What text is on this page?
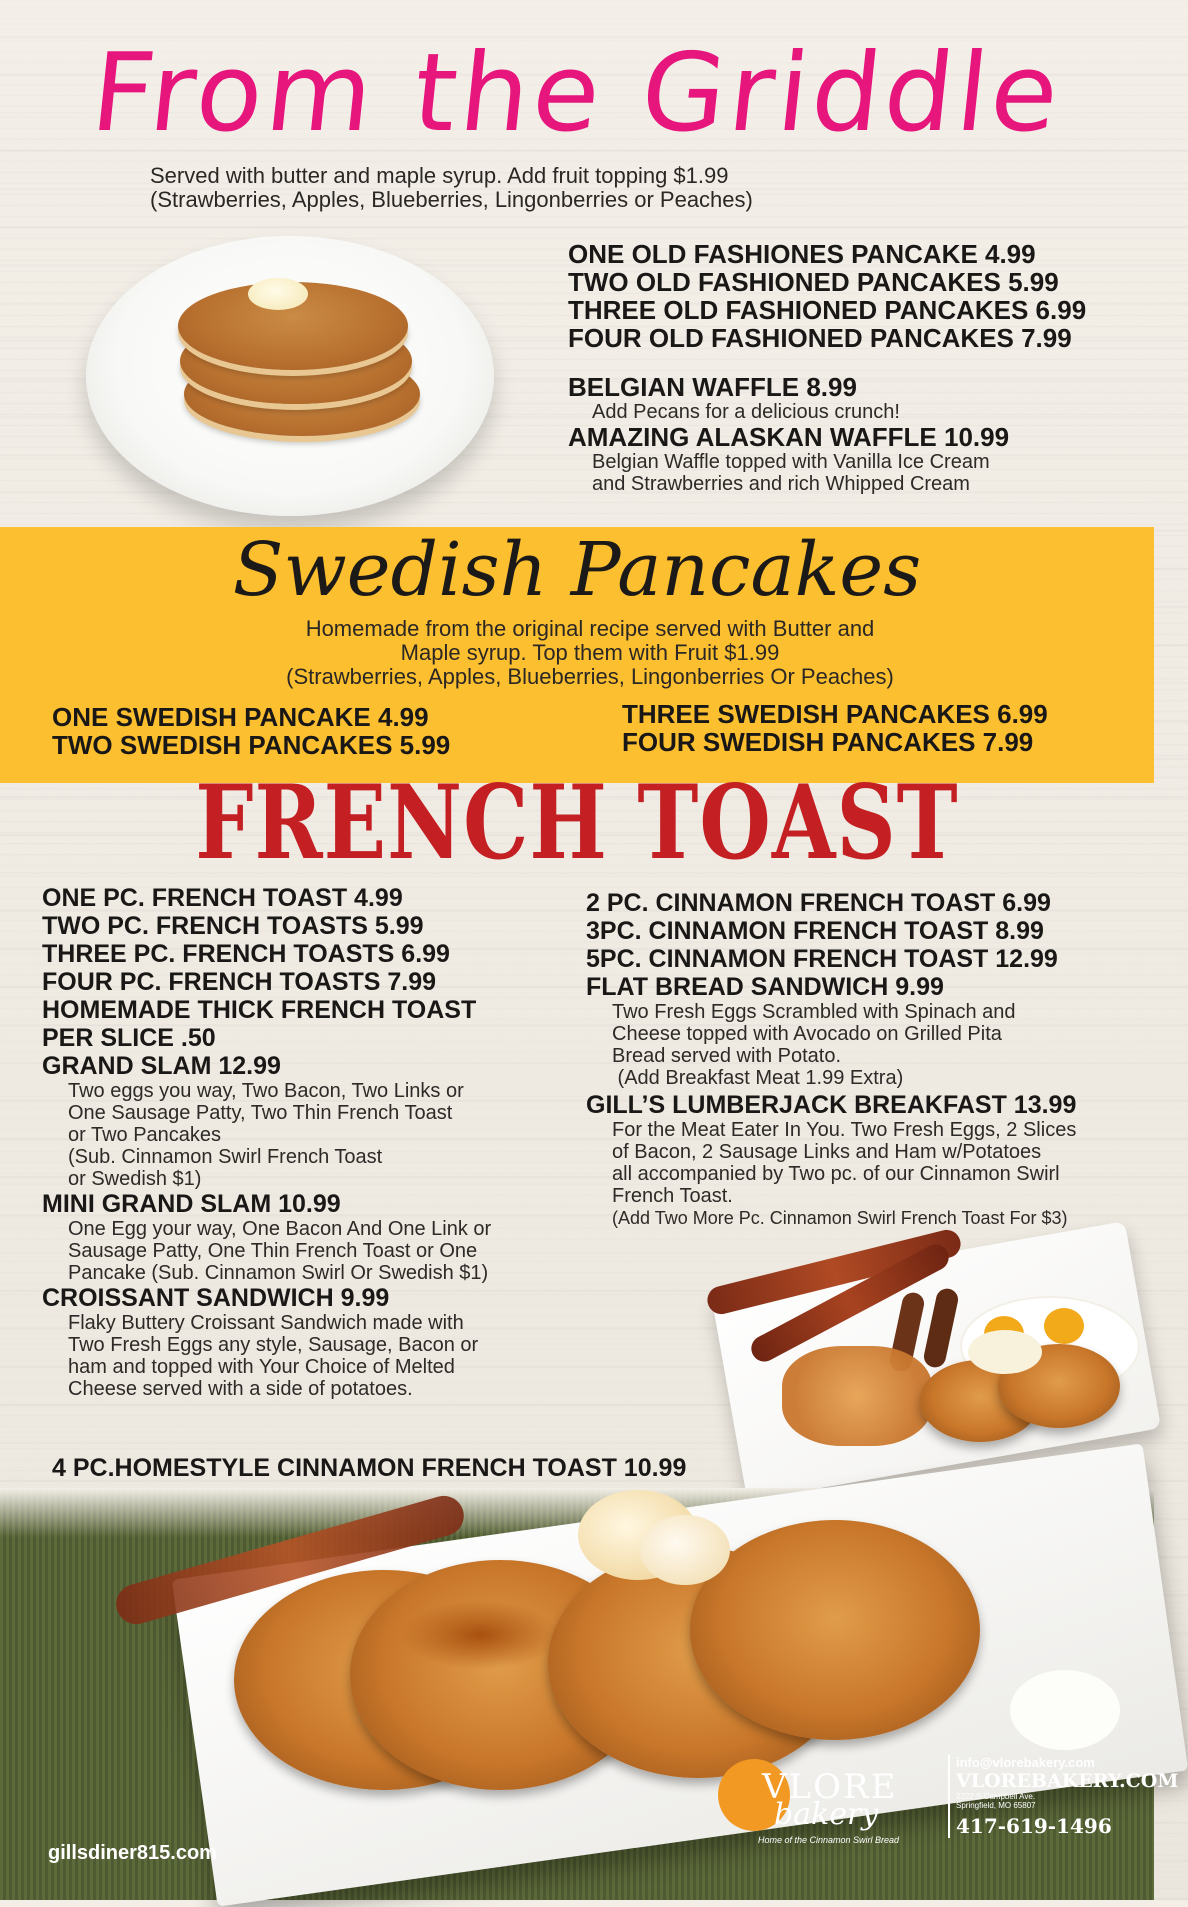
From the Griddle
Served with butter and maple syrup. Add fruit topping $1.99
(Strawberries, Apples, Blueberries, Lingonberries or Peaches)
ONE OLD FASHIONES PANCAKE 4.99
TWO OLD FASHIONED PANCAKES 5.99
THREE OLD FASHIONED PANCAKES 6.99
FOUR OLD FASHIONED PANCAKES 7.99
BELGIAN WAFFLE 8.99
Add Pecans for a delicious crunch!
AMAZING ALASKAN WAFFLE 10.99
Belgian Waffle topped with Vanilla Ice Cream
and Strawberries and rich Whipped Cream
Swedish Pancakes
Homemade from the original recipe served with Butter and
Maple syrup. Top them with Fruit $1.99
(Strawberries, Apples, Blueberries, Lingonberries Or Peaches)
ONE SWEDISH PANCAKE 4.99
TWO SWEDISH PANCAKES 5.99
THREE SWEDISH PANCAKES 6.99
FOUR SWEDISH PANCAKES 7.99
FRENCH TOAST
ONE PC. FRENCH TOAST 4.99
TWO PC. FRENCH TOASTS 5.99
THREE PC. FRENCH TOASTS 6.99
FOUR PC. FRENCH TOASTS 7.99
HOMEMADE THICK FRENCH TOAST
PER SLICE .50
GRAND SLAM 12.99
Two eggs you way, Two Bacon, Two Links or
One Sausage Patty, Two Thin French Toast
or Two Pancakes
(Sub. Cinnamon Swirl French Toast
or Swedish $1)
MINI GRAND SLAM 10.99
One Egg your way, One Bacon And One Link or
Sausage Patty, One Thin French Toast or One
Pancake (Sub. Cinnamon Swirl Or Swedish $1)
CROISSANT SANDWICH 9.99
Flaky Buttery Croissant Sandwich made with
Two Fresh Eggs any style, Sausage, Bacon or
ham and topped with Your Choice of Melted
Cheese served with a side of potatoes.
2 PC. CINNAMON FRENCH TOAST 6.99
3PC. CINNAMON FRENCH TOAST 8.99
5PC. CINNAMON FRENCH TOAST 12.99
FLAT BREAD SANDWICH 9.99
Two Fresh Eggs Scrambled with Spinach and
Cheese topped with Avocado on Grilled Pita
Bread served with Potato.
(Add Breakfast Meat 1.99 Extra)
GILL’S LUMBERJACK BREAKFAST 13.99
For the Meat Eater In You. Two Fresh Eggs, 2 Slices
of Bacon, 2 Sausage Links and Ham w/Potatoes
all accompanied by Two pc. of our Cinnamon Swirl
French Toast.
(Add Two More Pc. Cinnamon Swirl French Toast For $3)
4 PC.HOMESTYLE CINNAMON FRENCH TOAST 10.99
gillsdiner815.com
VLORE
bakery
Home of the Cinnamon Swirl Bread
info@vlorebakery.com
VLOREBAKERY.COM
2222 S Campbell Ave.
Springfield, MO 65807
417-619-1496
